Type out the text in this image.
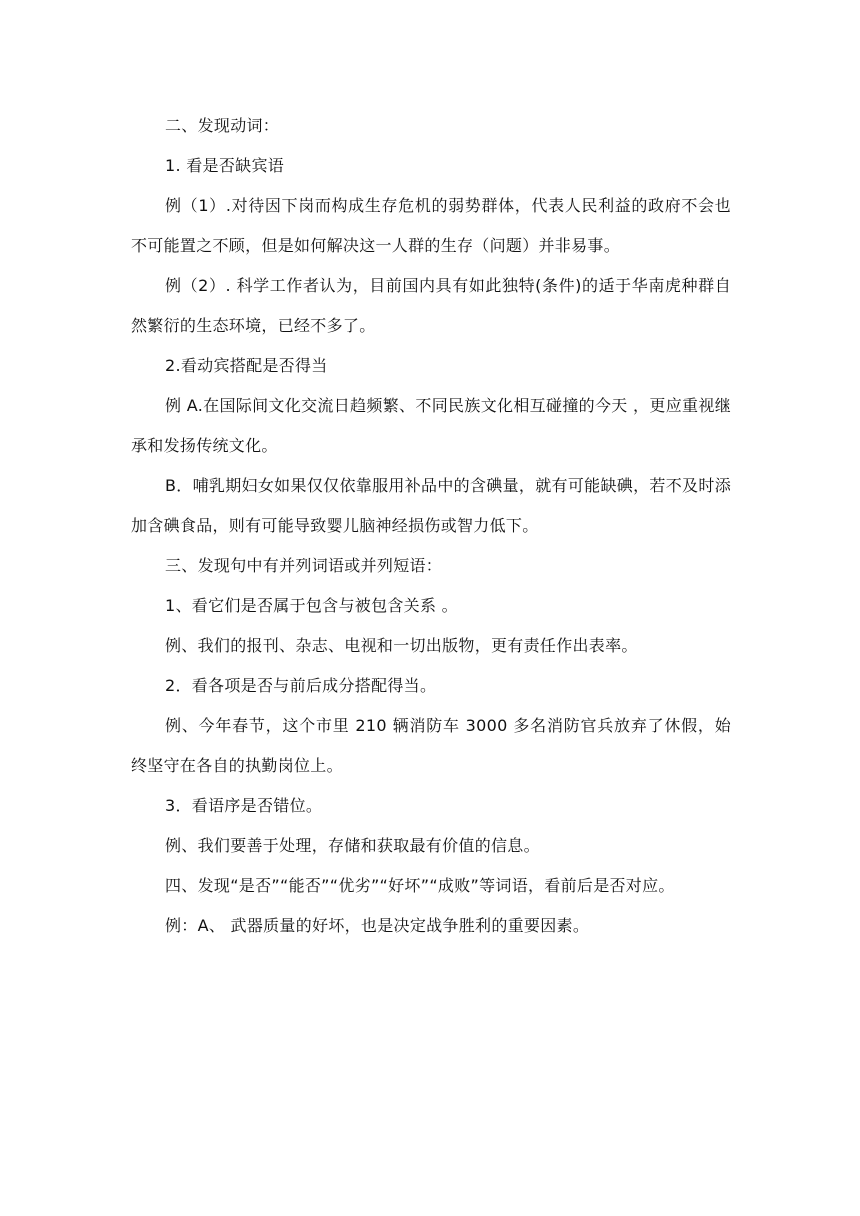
二、发现动词：

1. 看是否缺宾语

例（1）.对待因下岗而构成生存危机的弱势群体，代表人民利益的政府不会也不可能置之不顾，但是如何解决这一人群的生存（问题）并非易事。

例（2）. 科学工作者认为，目前国内具有如此独特(条件)的适于华南虎种群自然繁衍的生态环境，已经不多了。

2.看动宾搭配是否得当

例 A.在国际间文化交流日趋频繁、不同民族文化相互碰撞的今天 ，更应重视继承和发扬传统文化。

B．哺乳期妇女如果仅仅依靠服用补品中的含碘量，就有可能缺碘，若不及时添加含碘食品，则有可能导致婴儿脑神经损伤或智力低下。

三、发现句中有并列词语或并列短语：

1、看它们是否属于包含与被包含关系 。

例、我们的报刊、杂志、电视和一切出版物，更有责任作出表率。

2．看各项是否与前后成分搭配得当。

例、今年春节，这个市里 210 辆消防车 3000 多名消防官兵放弃了休假，始终坚守在各自的执勤岗位上。

3．看语序是否错位。

例、我们要善于处理，存储和获取最有价值的信息。

四、发现“是否”“能否”“优劣”“好坏”“成败”等词语，看前后是否对应。

例：A、 武器质量的好坏，也是决定战争胜利的重要因素。
